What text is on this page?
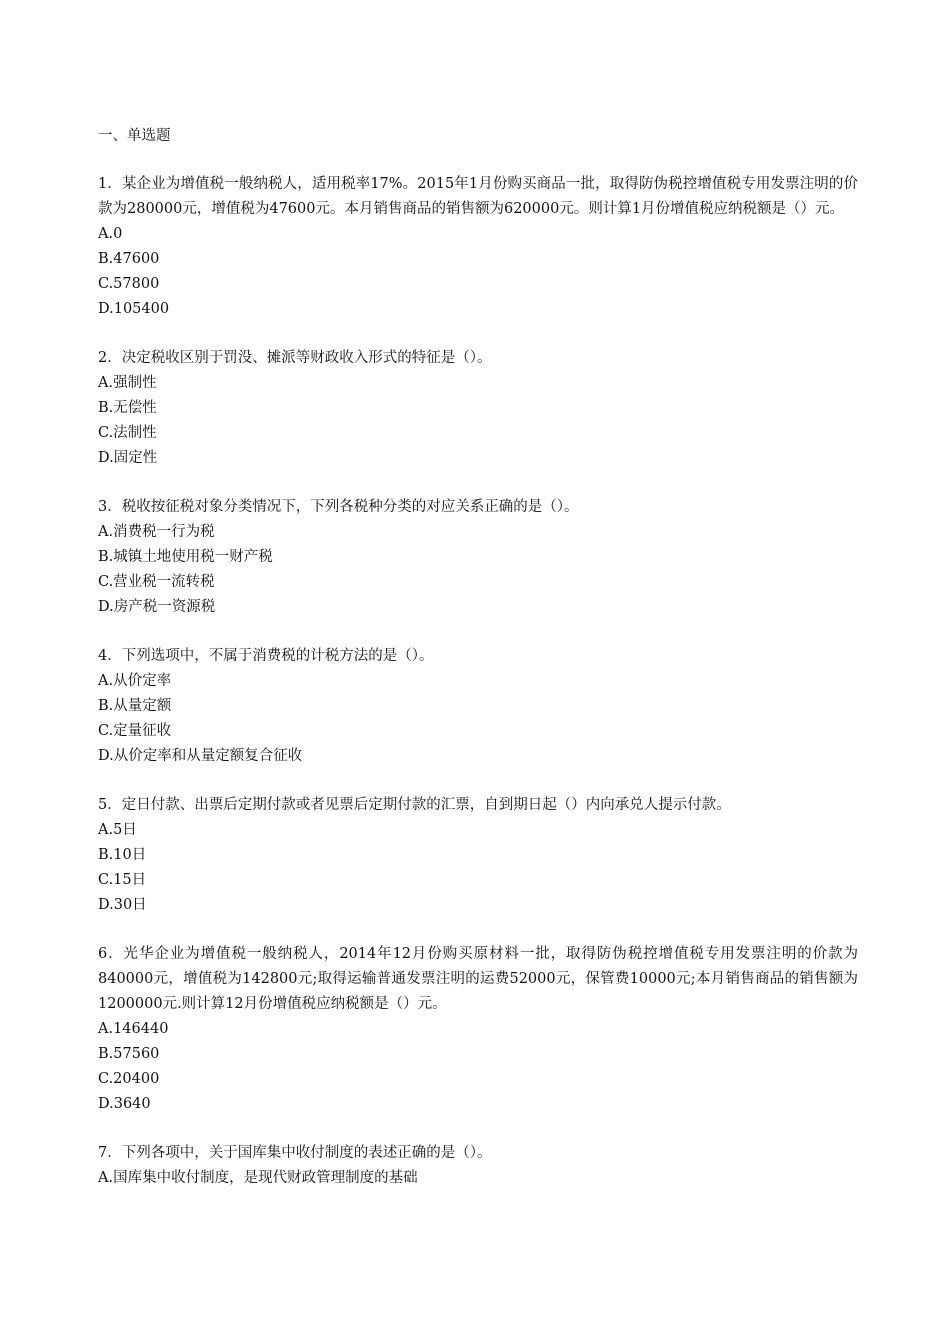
一、单选题

1．某企业为增值税一般纳税人，适用税率17%。2015年1月份购买商品一批，取得防伪税控增值税专用发票注明的价款为280000元，增值税为47600元。本月销售商品的销售额为620000元。则计算1月份增值税应纳税额是（）元。

A.0

B.47600

C.57800

D.105400

2．决定税收区别于罚没、摊派等财政收入形式的特征是（）。

A.强制性

B.无偿性

C.法制性

D.固定性

3．税收按征税对象分类情况下，下列各税种分类的对应关系正确的是（）。

A.消费税一行为税

B.城镇土地使用税一财产税

C.营业税一流转税

D.房产税一资源税

4．下列选项中，不属于消费税的计税方法的是（）。

A.从价定率

B.从量定额

C.定量征收

D.从价定率和从量定额复合征收

5．定日付款、出票后定期付款或者见票后定期付款的汇票，自到期日起（）内向承兑人提示付款。

A.5日

B.10日

C.15日

D.30日

6．光华企业为增值税一般纳税人，2014年12月份购买原材料一批，取得防伪税控增值税专用发票注明的价款为840000元，增值税为142800元;取得运输普通发票注明的运费52000元，保管费10000元;本月销售商品的销售额为1200000元.则计算12月份增值税应纳税额是（）元。

A.146440

B.57560

C.20400

D.3640

7．下列各项中，关于国库集中收付制度的表述正确的是（）。

A.国库集中收付制度，是现代财政管理制度的基础
